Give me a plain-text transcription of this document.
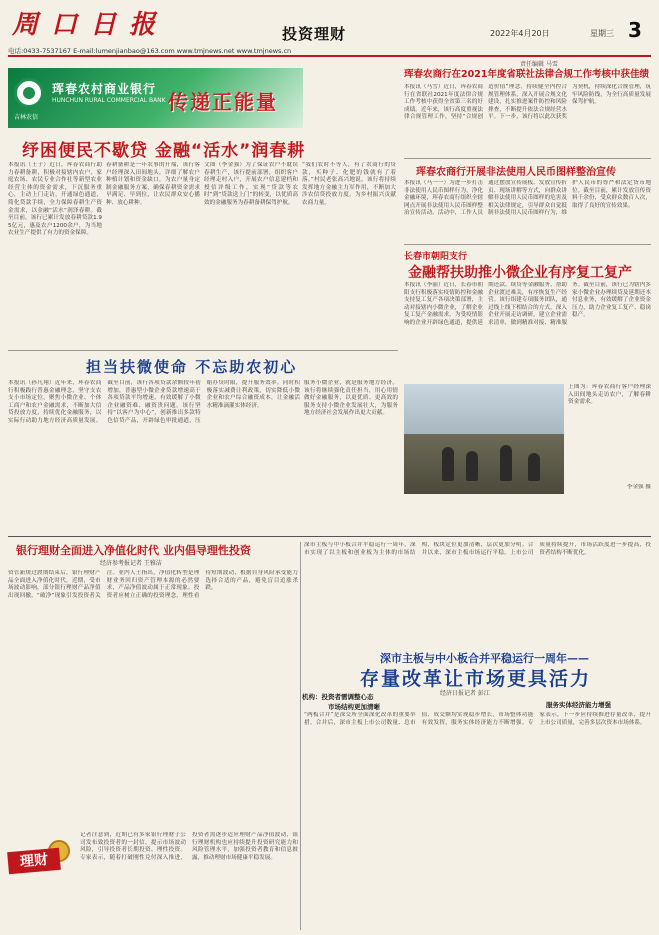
周 口 日 报	投资理财	2022年4月20日	星期三 3
电话:0433-7537167 E-mail:lumenjianbao@163.com www.tmjnews.net www.tmjnews.cn
责任编辑 马雪
珲春农村商业银行
HUNCHUN RURAL COMMERCIAL BANK
吉林农信
传递正能量
纾困便民不歇贷 金融“活水”润春耕
本报讯（王子）近日，珲春农商行助力春耕备耕，积极对接辖内农户、家庭农场、农民专业合作社等新型农业经营主体的资金需求，下沉服务重心，主动上门走访，开通绿色通道，简化贷款手续，全力保障春耕生产资金需求，以金融“活水”润泽春耕。截至目前，该行已累计发放春耕贷款1.95亿元，惠及农户1200余户，为当地农业生产提供了有力的资金保障。
春耕备耕是一年农事的开端，该行客户经理深入田间地头，详细了解农户种植计划和资金缺口，为农户量身定制金融服务方案，确保春耕资金需求早满足、早到位，让农民群众安心播种、放心耕种。
文图（李金强）为了保证农户不耽误春耕生产，该行提前部署，组织客户经理走村入户，开展农户信息建档和授信评级工作，实现“贷款等农时”到“贷款送上门”的转变，以优质高效的金融服务为春耕备耕保驾护航。
“我们农时不等人，有了农商行的贷款，买种子、化肥的钱就有了着落。”村民老张高兴地说。该行将持续发挥地方金融主力军作用，不断加大涉农信贷投放力度，为乡村振兴贡献农商力量。
担当扶微使命 不忘助农初心
本报讯（孙凡翔）近年来，珲春农商行积极践行普惠金融理念，坚守支农支小市场定位，聚焦小微企业、个体工商户和农户金融需求，不断加大信贷投放力度，持续优化金融服务，以实际行动助力地方经济高质量发展。截至目前，该行各项贷款余额较年初增加，普惠型小微企业贷款增速高于各项贷款平均增速，有效缓解了小微企业融资难、融资贵问题。该行坚持“以客户为中心”，创新推出多款特色信贷产品，开辟绿色审批通道，压缩办贷时限，提升服务效率。同时积极落实减费让利政策，切实降低小微企业和农户综合融资成本，让金融活水精准滴灌实体经济。
服务小微企业，就是服务地方经济。该行将继续强化责任担当，用心用情做好金融服务，以更优质、更高效的服务支持小微企业发展壮大，为服务地方经济社会发展作出更大贡献。
珲春农商行在2021年度省联社法律合规工作考核中获佳绩
本报讯（马雪）近日，珲春农商行在省联社2021年度法律合规工作考核中获得全省第三名的好成绩。近年来，该行高度重视法律合规管理工作，坚持“合规创造价值”理念，持续健全内控合规管理体系，深入开展合规文化建设，扎实推进案件防控和风险排查，不断提升依法合规经营水平。下一步，该行将以此次获奖为契机，持续深化合规管理，筑牢风险防线，为全行高质量发展保驾护航。
珲春农商行开展非法使用人民币图样整治宣传
本报讯（马一一）为进一步打击非法使用人民币图样行为，净化金融环境，珲春农商行组织全辖网点开展非法使用人民币图样整治宣传活动。活动中，工作人员通过摆放宣传展板、发放宣传折页、现场讲解等方式，向群众讲解非法使用人民币图样的危害及相关法律规定，引导群众自觉抵制非法使用人民币图样行为，维护人民币的尊严和法定货币地位。截至目前，累计发放宣传资料千余份，受众群众数百人次，取得了良好的宣传效果。
长春市朝阳支行
金融帮扶助推小微企业有序复工复产
本报讯（李丽）近日，长春市朝阳支行积极落实疫情防控和金融支持复工复产各项决策部署，主动对接辖内小微企业，了解企业复工复产金融需求，为受疫情影响的企业开辟绿色通道，提供延期还款、续贷等金融服务，帮助企业渡过难关，有序恢复生产经营。该行组建专项服务团队，通过线上线下相结合的方式，深入企业开展走访调研，建立企业需求清单，做到精准对接、精准服务。截至目前，该行已为辖内多家小微企业办理续贷及延期还本付息业务，有效缓解了企业资金压力，助力企业复工复产、稳岗稳产。
上图为：珲春农商行客户经理深入田间地头走访农户，了解春耕资金需求。
李金强 摄
银行理财全面进入净值化时代 业内倡导理性投资
经济参考报记者 王雅洁
资管新规过渡期结束后，银行理财产品全面进入净值化时代。近期，受市场波动影响，部分银行理财产品净值出现回撤，“破净”现象引发投资者关注。业内人士指出，净值化转型是理财业务回归资产管理本源的必然要求，产品净值波动属于正常现象。投资者应树立正确的投资理念，理性看待短期波动，根据自身风险承受能力选择合适的产品，避免盲目追涨杀跌。
记者注意到，近期已有多家银行理财子公司发布致投资者的一封信，提示市场波动风险，引导投资者长期投资、理性投资。专家表示，随着打破刚性兑付深入推进，投资者需逐步适应理财产品净值波动，银行理财机构也应持续提升投资研究能力和风险管理水平，加强投资者教育和信息披露，推动理财市场健康平稳发展。
机构：投资者需调整心态
理财
深市主板与中小板合并平稳运行一周年——
存量改革让市场更具活力
经济日报记者 彭江
深市主板与中小板合并平稳运行一周年，深市实现了以主板和创业板为主体的市场结构，板块定位更加清晰，层次更加分明。合并以来，深市主板市场运行平稳，上市公司质量持续提升，市场活跃度进一步提高，投资者结构不断优化。
市场结构更加清晰
“两板合并”是深交所全面深化改革的重要举措。合并后，深市主板上市公司数量、总市值、成交额均实现稳步增长，市场整体功能有效发挥，服务实体经济能力不断增强。专家表示，下一步应持续推进存量改革，提升上市公司质量，完善多层次资本市场体系。
服务实体经济能力增强
